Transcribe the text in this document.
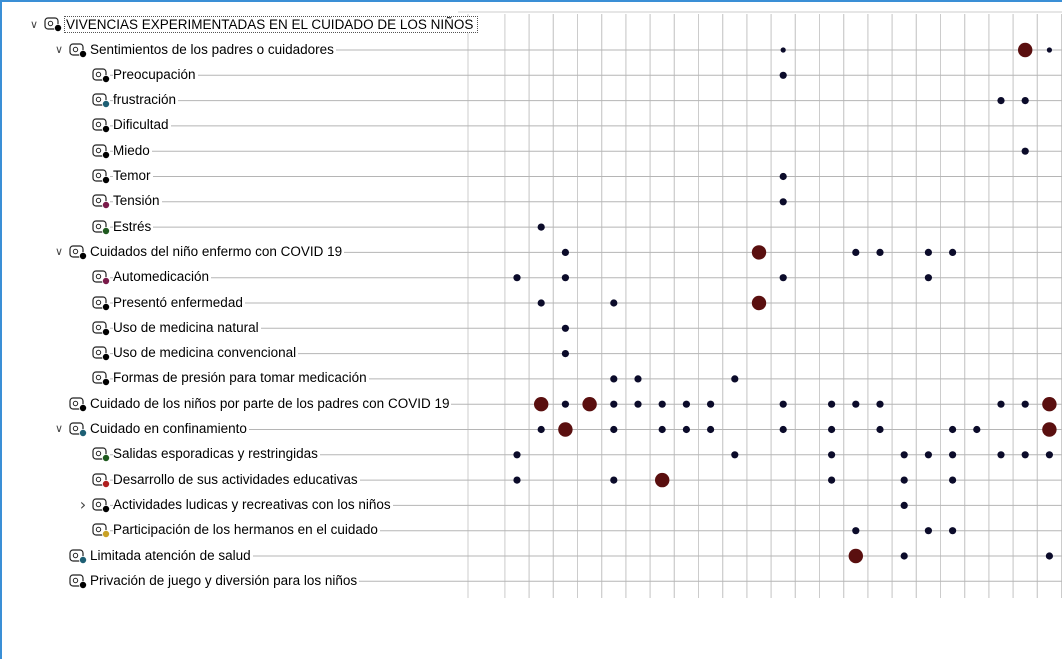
∨ VIVENCIAS EXPERIMENTADAS EN EL CUIDADO DE LOS NIÑOS
∨ Sentimientos de los padres o cuidadores
Preocupación
frustración
Dificultad
Miedo
Temor
Tensión
Estrés
∨ Cuidados del niño enfermo con COVID 19
Automedicación
Presentó enfermedad
Uso de medicina natural
Uso de medicina convencional
Formas de presión para tomar medicación
Cuidado de los niños por parte de los padres con COVID 19
∨ Cuidado en confinamiento
Salidas esporadicas y restringidas
Desarrollo de sus actividades educativas
› Actividades ludicas y recreativas con los niños
Participación de los hermanos en el cuidado
Limitada atención de salud
Privación de juego y diversión para los niños
